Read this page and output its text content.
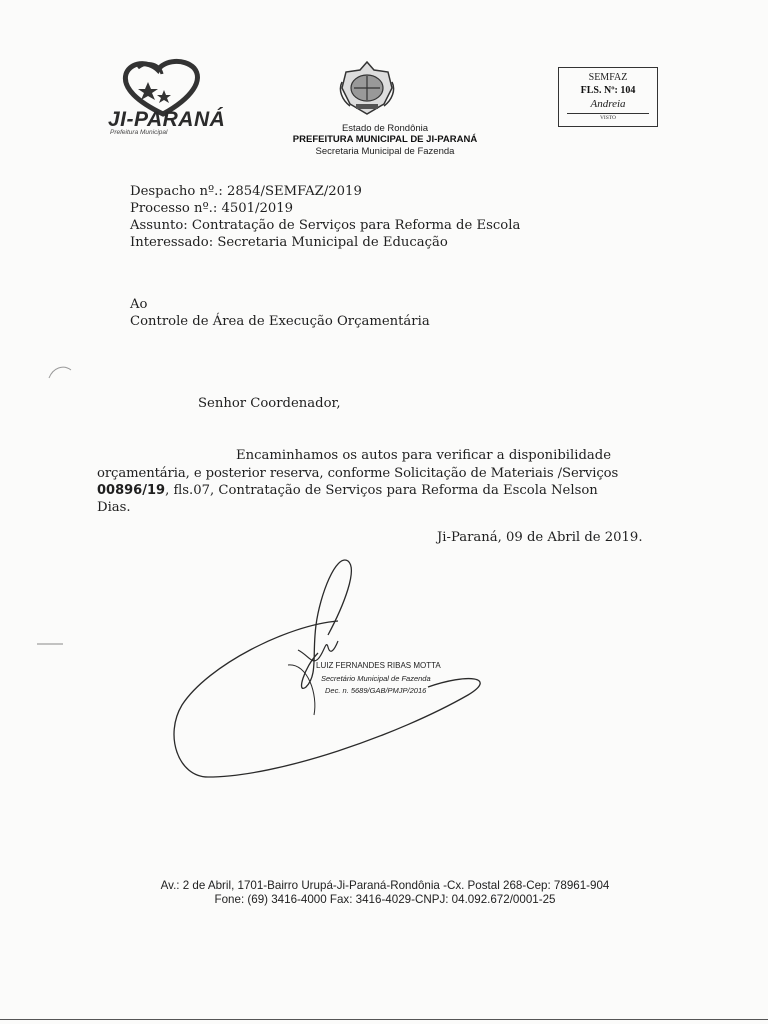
JI-PARANÁ
Prefeitura Municipal	Estado de Rondônia
PREFEITURA MUNICIPAL DE JI-PARANÁ
Secretaria Municipal de Fazenda
SEMFAZ
FLS. Nº: 104
Andreia
VISTO
Despacho nº.: 2854/SEMFAZ/2019
Processo nº.: 4501/2019
Assunto: Contratação de Serviços para Reforma de Escola
Interessado: Secretaria Municipal de Educação
Ao
Controle de Área de Execução Orçamentária
Senhor Coordenador,
Encaminhamos os autos para verificar a disponibilidade
orçamentária, e posterior reserva, conforme Solicitação de Materiais /Serviços
00896/19, fls.07, Contratação de Serviços para Reforma da Escola Nelson
Dias.
Ji-Paraná, 09 de Abril de 2019.
LUIZ FERNANDES RIBAS MOTTA
Secretário Municipal de Fazenda
Dec. n. 5689/GAB/PMJP/2016
Av.: 2 de Abril, 1701-Bairro Urupá-Ji-Paraná-Rondônia -Cx. Postal 268-Cep: 78961-904
Fone: (69) 3416-4000 Fax: 3416-4029-CNPJ: 04.092.672/0001-25
